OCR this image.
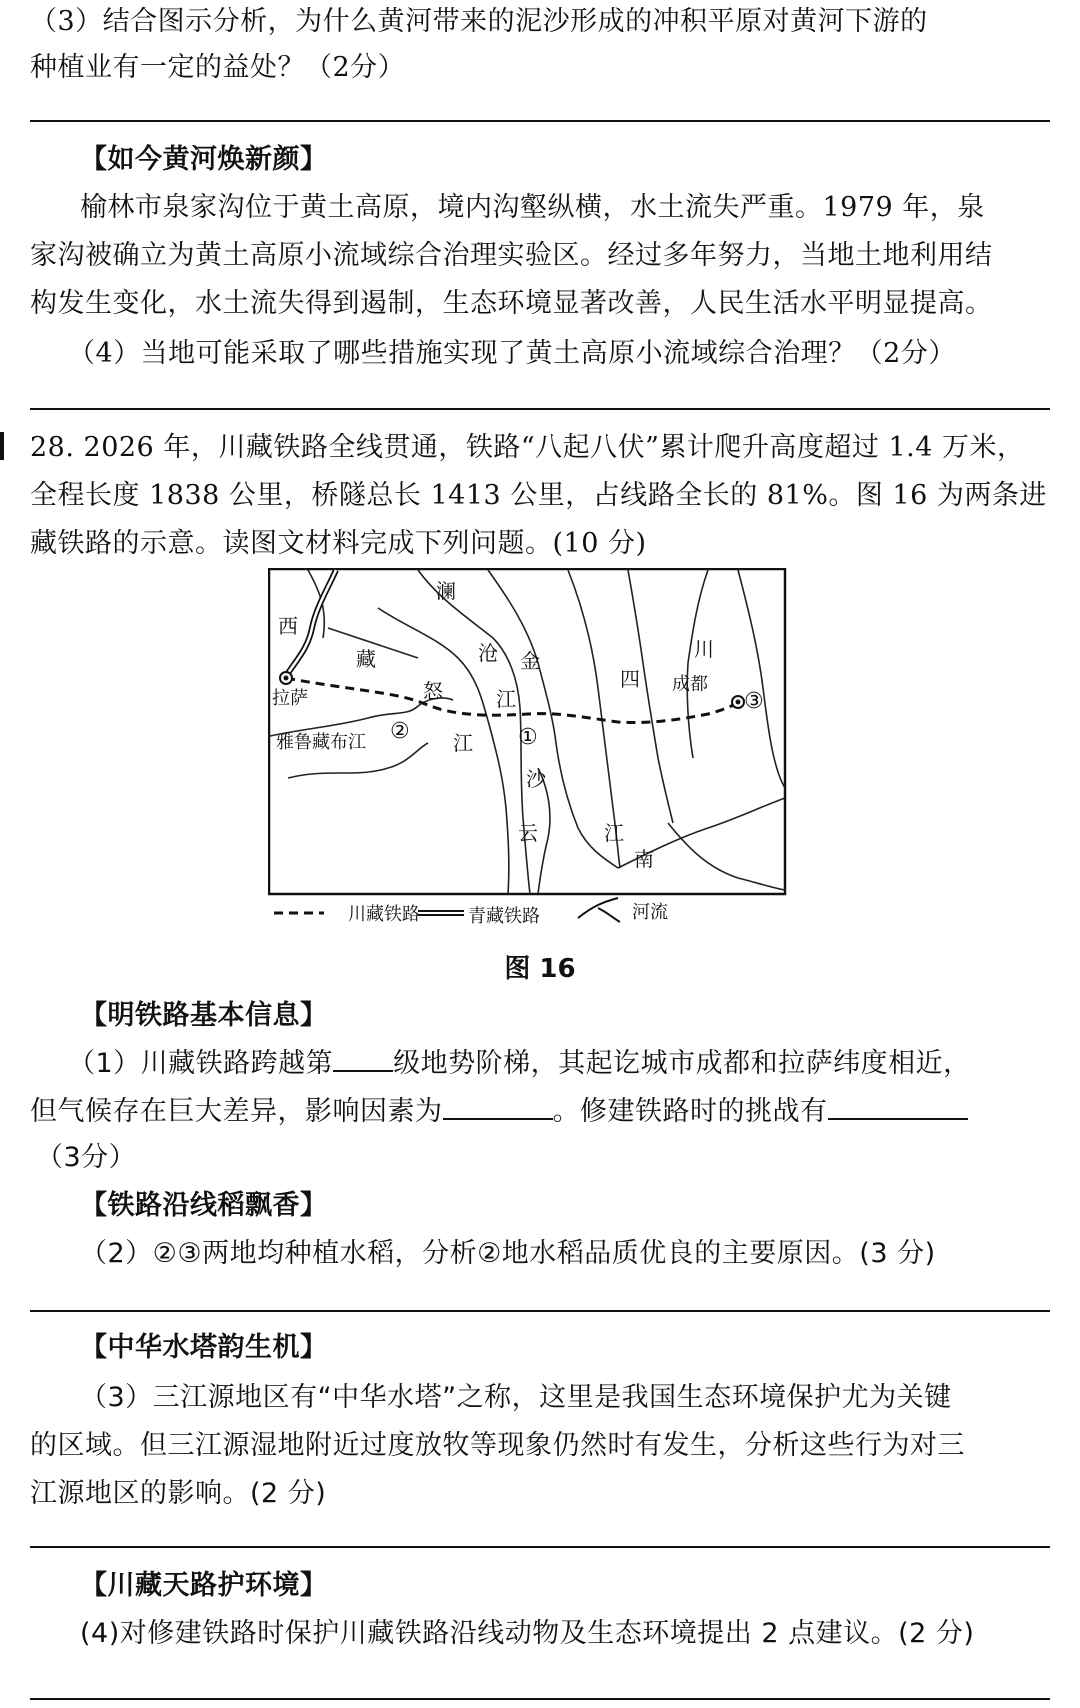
（3）结合图示分析，为什么黄河带来的泥沙形成的冲积平原对黄河下游的
种植业有一定的益处？（2分）
【如今黄河焕新颜】
榆林市泉家沟位于黄土高原，境内沟壑纵横，水土流失严重。1979 年，泉
家沟被确立为黄土高原小流域综合治理实验区。经过多年努力，当地土地利用结
构发生变化，水土流失得到遏制，生态环境显著改善，人民生活水平明显提高。
（4）当地可能采取了哪些措施实现了黄土高原小流域综合治理？（2分）
28. 2026 年，川藏铁路全线贯通，铁路“八起八伏”累计爬升高度超过 1.4 万米，
全程长度 1838 公里，桥隧总长 1413 公里，占线路全长的 81%。图 16 为两条进
藏铁路的示意。读图文材料完成下列问题。(10 分)
西
藏
拉萨
雅鲁藏布江
怒
江
澜
沧 金
江
沙
云	江
南
四
川
成都
①
②
③
川藏铁路	青藏铁路	河流
图 16
【明铁路基本信息】
（1）川藏铁路跨越第 级地势阶梯，其起讫城市成都和拉萨纬度相近，
但气候存在巨大差异，影响因素为	。修建铁路时的挑战有
（3分）
【铁路沿线稻飘香】
（2）②③两地均种植水稻，分析②地水稻品质优良的主要原因。(3 分)
【中华水塔韵生机】
（3）三江源地区有“中华水塔”之称，这里是我国生态环境保护尤为关键
的区域。但三江源湿地附近过度放牧等现象仍然时有发生，分析这些行为对三
江源地区的影响。(2 分)
【川藏天路护环境】
(4)对修建铁路时保护川藏铁路沿线动物及生态环境提出 2 点建议。(2 分)
